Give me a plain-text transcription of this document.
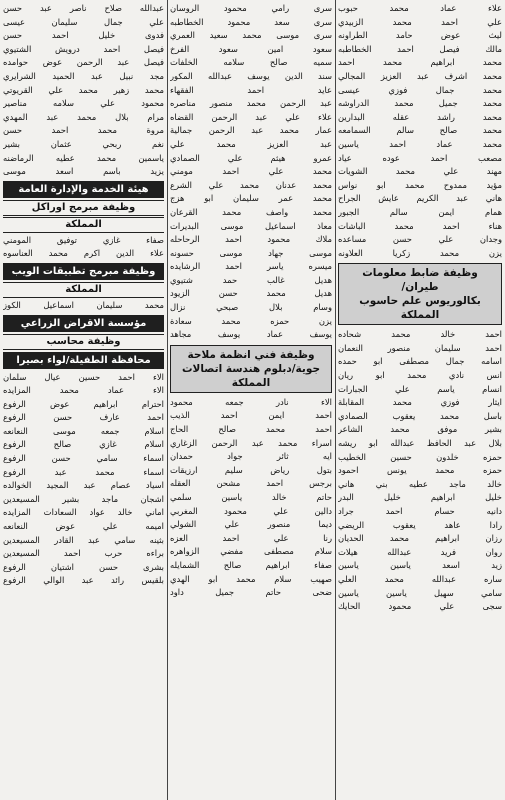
علاء عماد محمد حبوب
علي احمد محمد الزبيدي
ليث عوض حامد الطراونه
مالك فيصل احمد الخطاطبه
محمد ابراهيم محمد احمد
محمد اشرف عبد العزيز المجالي
محمد جمال فوزي عيسى
محمد جميل محمد الدراوشه
محمد راشد عقله البدارين
محمد صالح سالم السمامعه
محمد عماد احمد ياسين
مصعب احمد عوده عياد
مهند علي محمد الشويات
مؤيد ممدوح محمد ابو نواس
هاني عبد الكريم عايش الجراح
همام ايمن سالم الجبور
هناء احمد محمد الباشات
وجدان علي حسن مساعده
يزن محمد زكريا العلاونه
وظيفة ضابط معلومات طيران/
بكالوريوس علم حاسوب
المملكة
احمد خالد محمد شحاده
احمد سليمان منصور النعمان
اسامه جمال مصطفى ابو حمده
انس نادي محمد ابو ريان
انسام ياسم علي الجبارات
ايثار فوزي محمد المقابلة
باسل محمد يعقوب الصمادي
بشير موفق محمد الشاعر
بلال عبد الحافظ عبدالله ابو ريشه
حمزه خلدون حسين الخطيب
حمزه محمد يونس احمود
خالد ماجد عطيه بني هاني
خليل ابراهيم خليل البدر
دانيه حسام احمد جراد
رادا عاهد يعقوب الريضي
رزان ابراهيم محمد الحديان
روان فريد عبدالله هيلات
زيد اسعد ياسين ياسين
ساره عبدالله محمد العلي
سامي سهيل ياسين ياسين
سجى علي محمود الحايك
سرى رامي محمود الروسان
سرى سعد محمود الخطاطبه
سرى موسى محمد سعيد العمري
سعود امين سعود الفرخ
سميه صالح سلامه الخلفات
سند الدين يوسف عبدالله المكور
عايد احمد الفقهاء
عبد الرحمن محمد منصور مناصره
علاء علي عبد الرحمن القضاه
عمار محمد عبد الرحمن جمالية
عبد العزيز محمد علي
عمرو هيثم علي الصمادي
محمد علي احمد مومني
محمد عدنان محمد علي الشرع
محمد عمر سليمان ابو هزج
محمد واصف محمد القرعان
معاذ اسماعيل موسى البديرات
ملاك محمود احمد الرحاحله
موسى جهاد موسى حسونه
ميسره ياسر احمد الرشايده
هديل غالب حمد شتيوي
هديل محمد حسن الزيود
وسام بلال صبحي نزال
يزن حمزه محمد سعادة
يوسف عماد يوسف مجاهد
وظيفة فني انظمة ملاحة
جوية/دبلوم هندسة اتصالات
المملكة
الاء نادر جمعه محمود
احمد ايمن احمد الذيب
احمد محمد صالح الحاج
اسراء محمد عبد الرحمن الزغاري
ايه ثائر جواد حمدان
بتول رياض سليم ارزيقات
برجس احمد مشحن العقله
حاتم خالد ياسين سلمي
دالين علي محمود المغربي
ديما منصور علي الشولي
رنا علي احمد العزه
سلام مصطفى مفضي الزواهره
صفاء ابراهيم صالح الشمايله
صهيب سلام محمد ابو الهدي
ضحى حاتم جميل داود
عبدالله صلاح ناصر عبد حسن
علي جمال سليمان عيسى
فدوى خليل احمد حسن
فيصل احمد درويش الشتيوي
فيصل عبد الرحمن عوض حوامده
مجد نبيل عبد الحميد الشرايري
محمد زهير محمد علي القريوتي
محمود علي سلامه مناصير
مرام بلال محمد عبد المهدي
مروة محمد احمد حسن
نغم ربحي عثمان بشير
ياسمين محمد عطيه الرماضنه
يزيد باسم اسعد موسى
هيئة الخدمة والإدارة العامة
وظيفة مبرمج اوراكل
المملكة
صفاء غازي توفيق المومني
علاء الدين اكرم محمد العناسوه
وظيفة مبرمج تطبيقات الويب
المملكة
محمد سليمان اسماعيل الكوز
مؤسسة الاقراض الزراعي
وظيفة محاسب
محافظة الطفيلة/لواء بصيرا
الاء احمد حسين عيال سلمان
الاء عماد محمد المزايده
احترام ابراهيم عوض الرفوع
احمد عارف حسن الرفوع
اسلام جمعه موسى النعانعه
اسلام غازي صالح الرفوع
اسماء سامي حسن الرفوع
اسماء محمد عبد الرفوع
اسياد عصام عبد المجيد الخوالده
اشجان ماجد بشير المسيعدين
اماني خالد عواد السعادات المزايده
اميمه علي عوض النعانعه
بثينه سامي عبد القادر المسيعدين
براءه حرب احمد المسيعدين
بشرى حسن اشتيان الرفوع
بلقيس رائد عبد الوالي الرفوع
